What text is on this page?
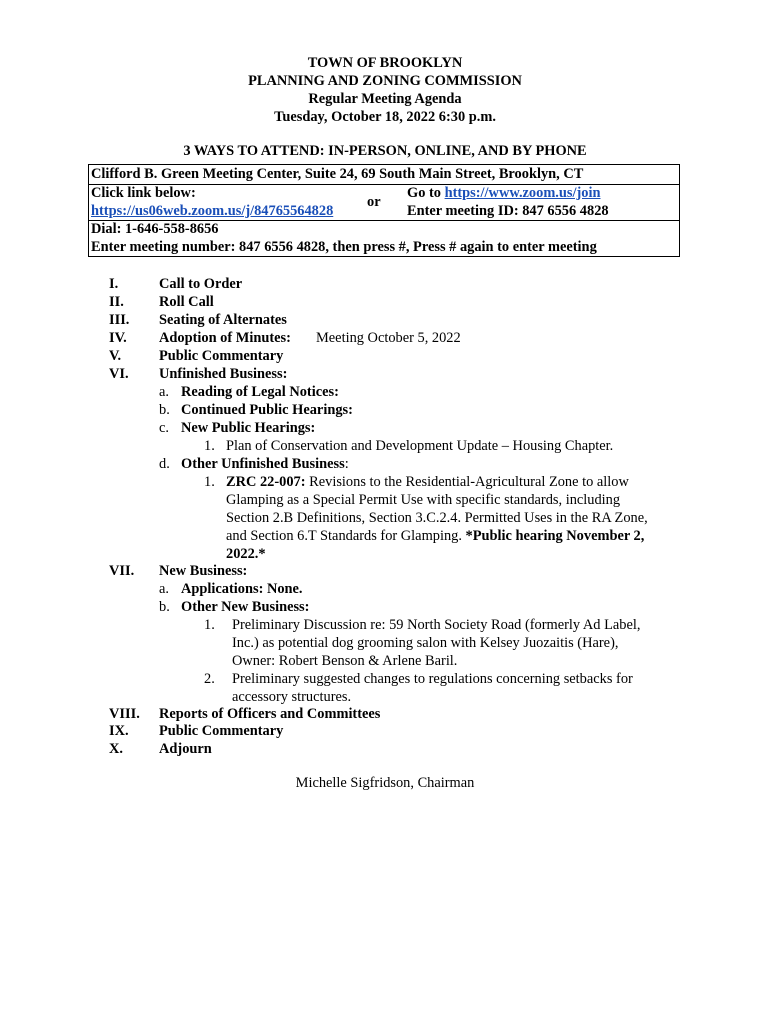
TOWN OF BROOKLYN
PLANNING AND ZONING COMMISSION
Regular Meeting Agenda
Tuesday, October 18, 2022 6:30 p.m.
3 WAYS TO ATTEND: IN-PERSON, ONLINE, AND BY PHONE
Clifford B. Green Meeting Center, Suite 24, 69 South Main Street, Brooklyn, CT
Click link below:
https://us06web.zoom.us/j/84765564828
or
Go to https://www.zoom.us/join
Enter meeting ID: 847 6556 4828
Dial: 1-646-558-8656
Enter meeting number: 847 6556 4828, then press #, Press # again to enter meeting
I.	Call to Order
II. Roll Call
III. Seating of Alternates
IV. Adoption of Minutes: Meeting October 5, 2022
V.	Public Commentary
VI. Unfinished Business:
a. Reading of Legal Notices:
b. Continued Public Hearings:
c. New Public Hearings:
1. Plan of Conservation and Development Update – Housing Chapter.
d. Other Unfinished Business:
1. ZRC 22-007: Revisions to the Residential-Agricultural Zone to allow
Glamping as a Special Permit Use with specific standards, including
Section 2.B Definitions, Section 3.C.2.4. Permitted Uses in the RA Zone,
and Section 6.T Standards for Glamping. *Public hearing November 2,
2022.*
VII. New Business:
a. Applications: None.
b. Other New Business:
1. Preliminary Discussion re: 59 North Society Road (formerly Ad Label,
Inc.) as potential dog grooming salon with Kelsey Juozaitis (Hare),
Owner: Robert Benson & Arlene Baril.
2. Preliminary suggested changes to regulations concerning setbacks for
accessory structures.
VIII. Reports of Officers and Committees
IX. Public Commentary
X.	Adjourn
Michelle Sigfridson, Chairman
